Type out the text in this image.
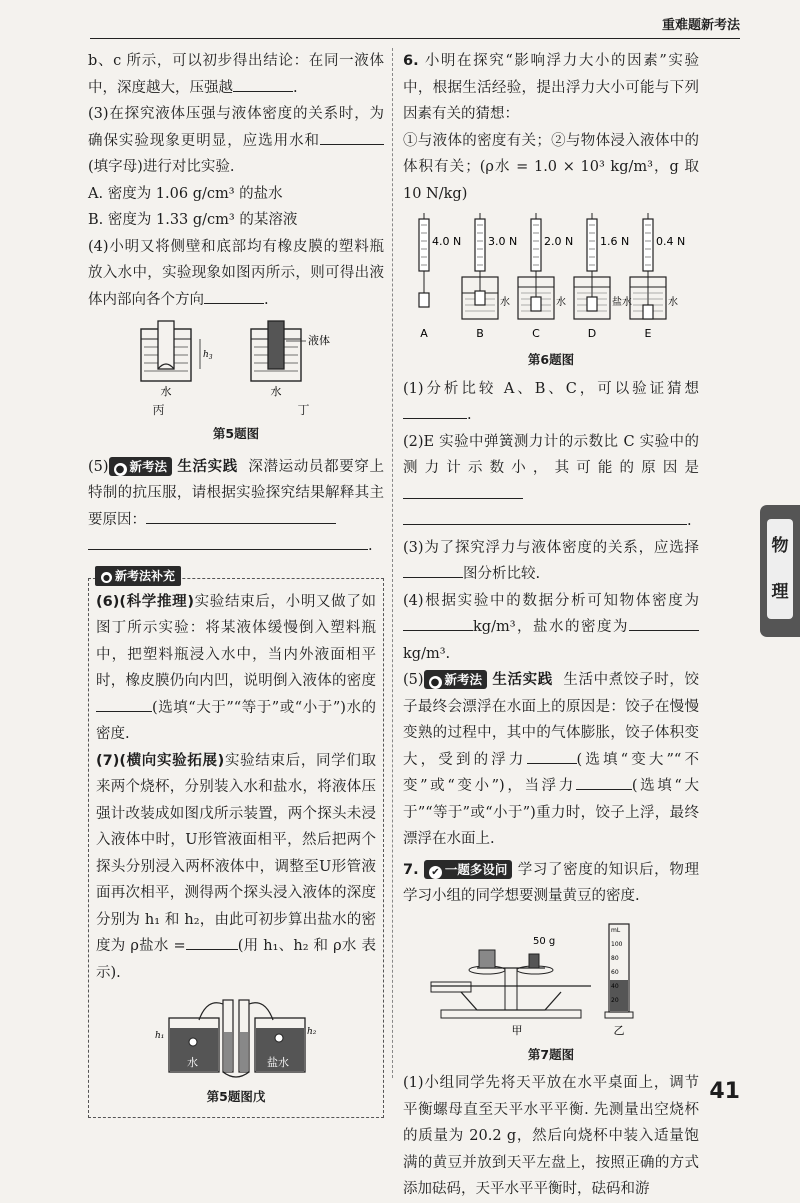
重难题新考法

b、c 所示，可以初步得出结论：在同一液体中，深度越大，压强越	.

(3)在探究液体压强与液体密度的关系时，为确保实验现象更明显，应选用水和(填字母)进行对比实验.

A. 密度为 1.06 g/cm³ 的盐水

B. 密度为 1.33 g/cm³ 的某溶液

(4)小明又将侧壁和底部均有橡皮膜的塑料瓶放入水中，实验现象如图丙所示，则可得出液体内部向各个方向	.

$h_3$
液体
水	水
丙	丁
第5题图

(5) ● 新考法 生活实践 深潜运动员都要穿上特制的抗压服，请根据实验探究结果解释其主要原因：

.

● 新考法补充

(6)(科学推理)实验结束后，小明又做了如图丁所示实验：将某液体缓慢倒入塑料瓶中，把塑料瓶浸入水中，当内外液面相平时，橡皮膜仍向内凹，说明倒入液体的密度(选填“大于”“等于”或“小于”)水的密度.

(7)(横向实验拓展)实验结束后，同学们取来两个烧杯，分别装入水和盐水，将液体压强计改装成如图戊所示装置，两个探头未浸入液体中时，U形管液面相平，然后把两个探头分别浸入两杯液体中，调整至U形管液面再次相平，测得两个探头浸入液体的深度分别为 h₁ 和 h₂，由此可初步算出盐水的密度为 ρ盐水 =	(用 h₁、h₂ 和 ρ水 表示).

h₁	h₂
水	盐水
第5题图戊

6. 小明在探究“影响浮力大小的因素”实验中，根据生活经验，提出浮力大小可能与下列因素有关的猜想：

①与液体的密度有关；②与物体浸入液体中的体积有关；(ρ水 = 1.0 × 10³ kg/m³，g 取 10 N/kg)

4.0 N
A
3.0 N
水
B
2.0 N
水
C
1.6 N
盐水
D
0.4 N
水
E
第6题图

(1)分析比较 A、B、C，可以验证猜想.

(2)E 实验中弹簧测力计的示数比 C 实验中的测力计示数小，其可能的原因是

.

(3)为了探究浮力与液体密度的关系，应选择图分析比较.

(4)根据实验中的数据分析可知物体密度为kg/m³，盐水的密度为kg/m³.

(5) ● 新考法 生活实践 生活中煮饺子时，饺子最终会漂浮在水面上的原因是：饺子在慢慢变熟的过程中，其中的气体膨胀，饺子体积变大，受到的浮力	(选填“变大”“不变”或“变小”)，当浮力	(选填“大于”“等于”或“小于”)重力时，饺子上浮，最终漂浮在水面上.

7. ✔ 一题多设问 学习了密度的知识后，物理学习小组的同学想要测量黄豆的密度.

50 g
mL
100
80
60
40
20
甲	乙
第7题图

(1)小组同学先将天平放在水平桌面上，调节平衡螺母直至天平水平平衡. 先测量出空烧杯的质量为 20.2 g，然后向烧杯中装入适量饱满的黄豆并放到天平左盘上，按照正确的方式添加砝码，天平水平平衡时，砝码和游

物理
41
